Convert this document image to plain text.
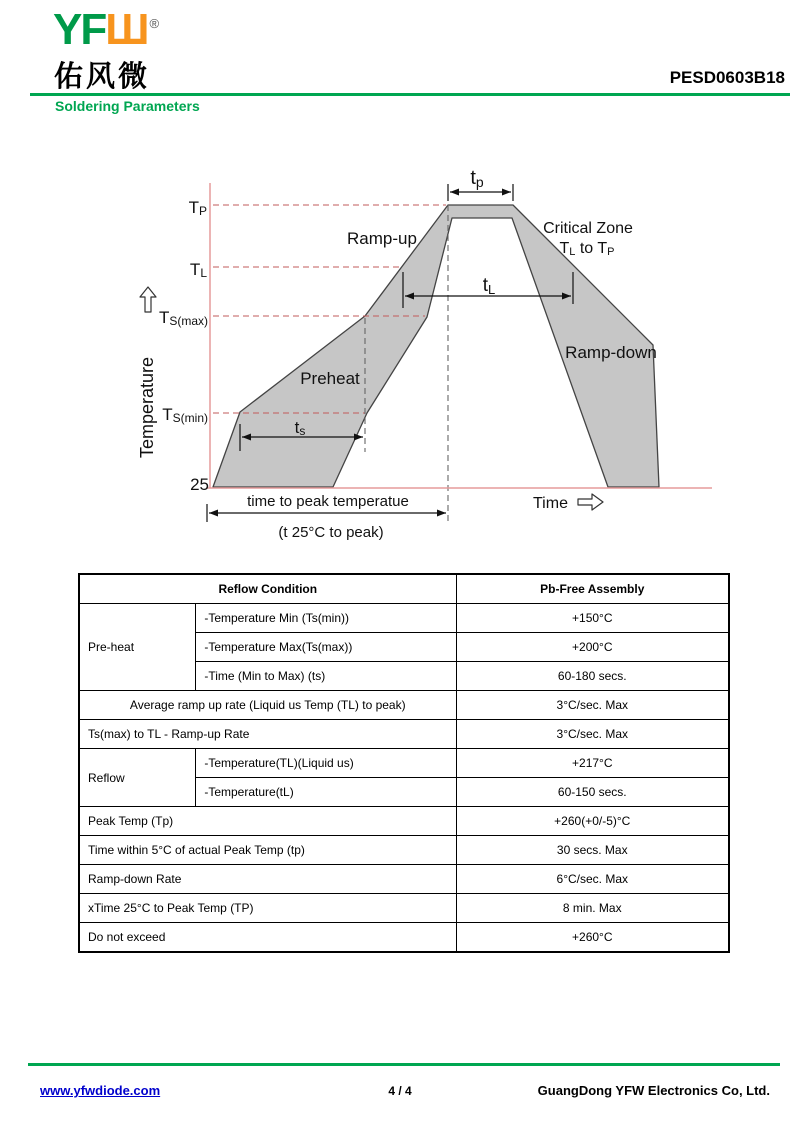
YFШ ®
佑风微	PESD0603B18
Soldering Parameters
Temperature
Time
TP
TL
TS(max)
TS(min)
25
Ramp-up
Preheat
Ramp-down
Critical Zone
TL to TP
tp
tL
ts
time to peak temperatue
(t 25°C to peak)
Reflow Condition		Pb-Free Assembly
Pre-heat	-Temperature Min (Ts(min))	+150°C
	-Temperature Max(Ts(max))	+200°C
	-Time (Min to Max) (ts)	60-180 secs.
Average ramp up rate (Liquid us Temp (TL) to peak)		3°C/sec. Max
Ts(max) to TL - Ramp-up Rate		3°C/sec. Max
Reflow	-Temperature(TL)(Liquid us)	+217°C
	-Temperature(tL)	60-150 secs.
Peak Temp (Tp)		+260(+0/-5)°C
Time within 5°C of actual Peak Temp (tp)		30 secs. Max
Ramp-down Rate		6°C/sec. Max
xTime 25°C to Peak Temp (TP)		8 min. Max
Do not exceed		+260°C
www.yfwdiode.com	4 / 4	GuangDong YFW Electronics Co, Ltd.
